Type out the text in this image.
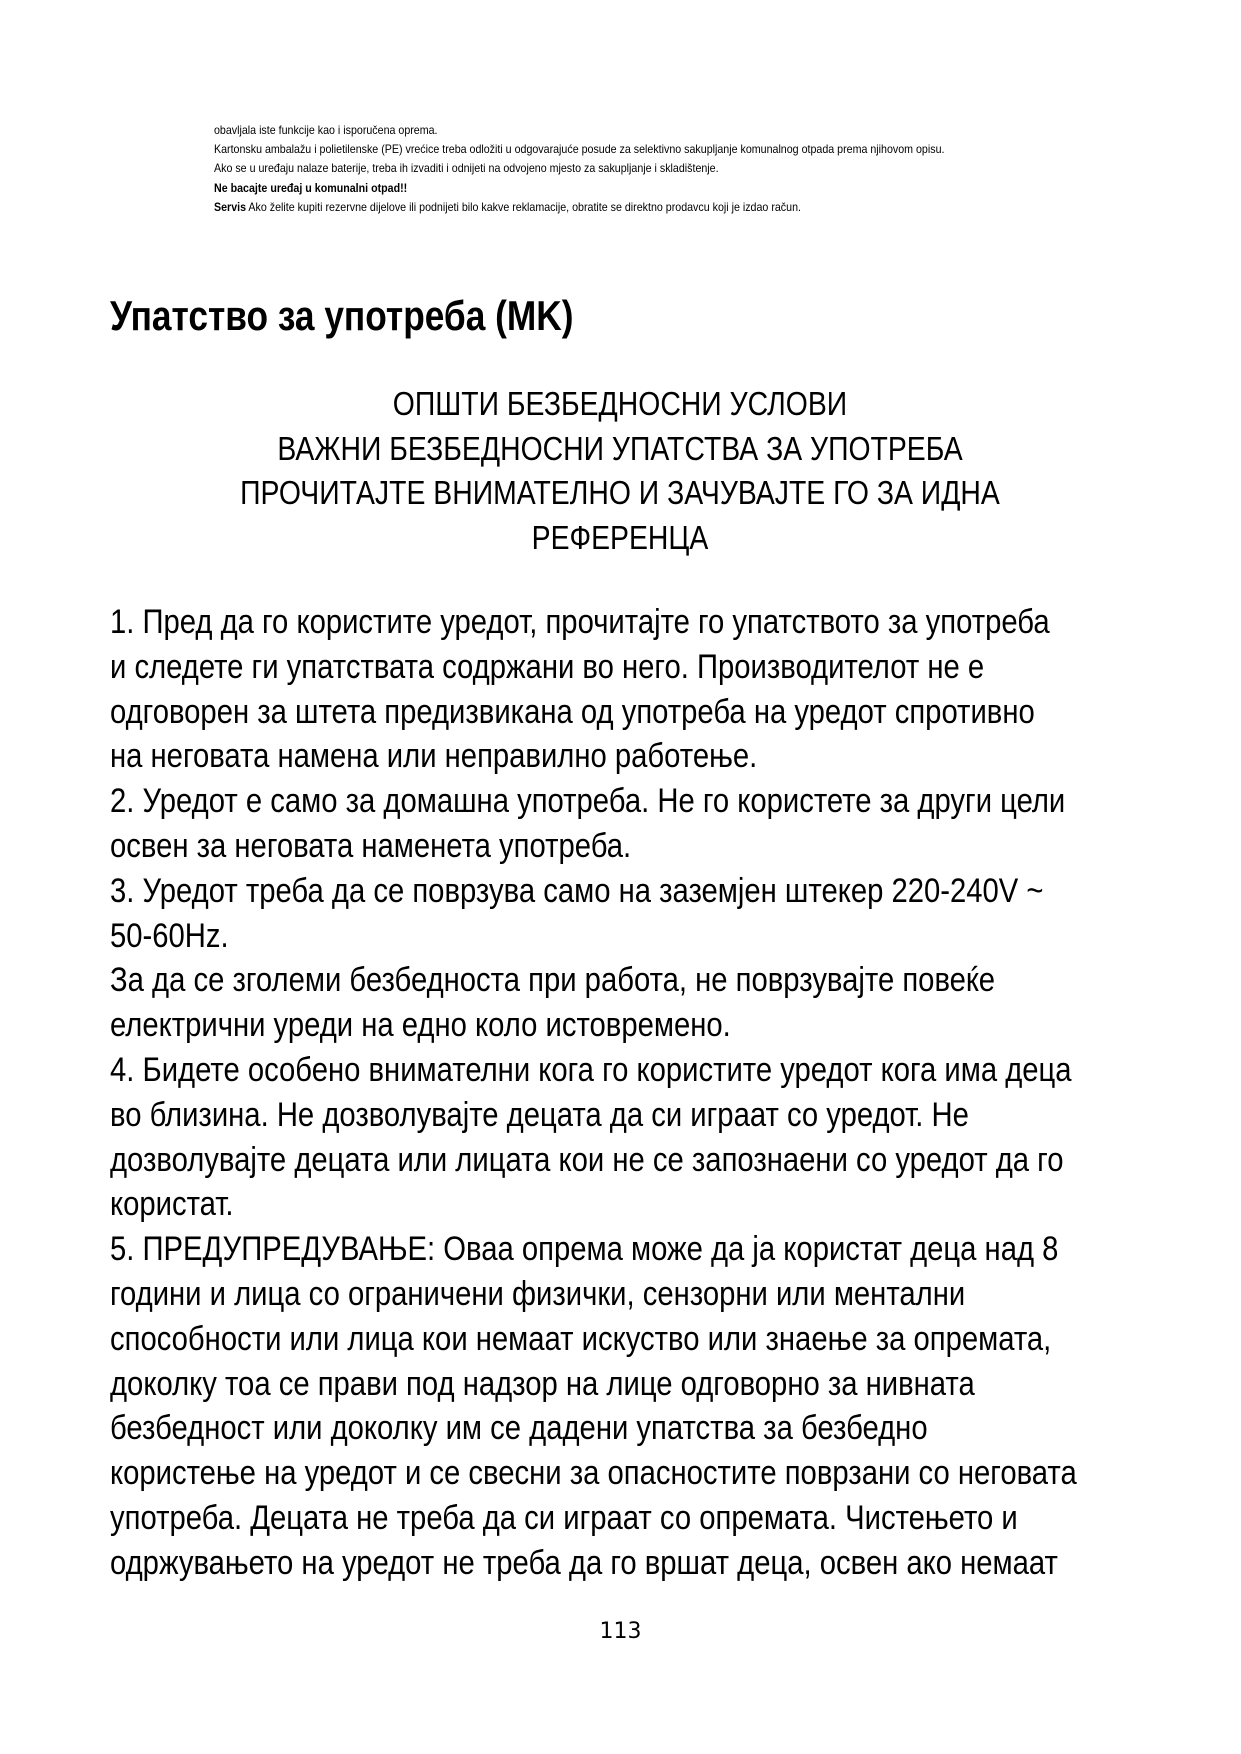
obavljala iste funkcije kao i isporučena oprema.
Kartonsku ambalažu i polietilenske (PE) vrećice treba odložiti u odgovarajuće posude za selektivno sakupljanje komunalnog otpada prema njihovom opisu.
Ako se u uređaju nalaze baterije, treba ih izvaditi i odnijeti na odvojeno mjesto za sakupljanje i skladištenje.
Ne bacajte uređaj u komunalni otpad!!
Servis Ako želite kupiti rezervne dijelove ili podnijeti bilo kakve reklamacije, obratite se direktno prodavcu koji je izdao račun.
Упатство за употреба (MK)
ОПШТИ БЕЗБЕДНОСНИ УСЛОВИ
ВАЖНИ БЕЗБЕДНОСНИ УПАТСТВА ЗА УПОТРЕБА
ПРОЧИТАЈТЕ ВНИМАТЕЛНО И ЗАЧУВАЈТЕ ГО ЗА ИДНА
РЕФЕРЕНЦА
1. Пред да го користите уредот, прочитајте го упатството за употреба
и следете ги упатствата содржани во него. Производителот не е
одговорен за штета предизвикана од употреба на уредот спротивно
на неговата намена или неправилно работење.
2. Уредот е само за домашна употреба. Не го користете за други цели
освен за неговата наменета употреба.
3. Уредот треба да се поврзува само на заземјен штекер 220-240V ~
50-60Hz.
За да се зголеми безбедноста при работа, не поврзувајте повеќе
електрични уреди на едно коло истовремено.
4. Бидете особено внимателни кога го користите уредот кога има деца
во близина. Не дозволувајте децата да си играат со уредот. Не
дозволувајте децата или лицата кои не се запознаени со уредот да го
користат.
5. ПРЕДУПРЕДУВАЊЕ: Оваа опрема може да ја користат деца над 8
години и лица со ограничени физички, сензорни или ментални
способности или лица кои немаат искуство или знаење за опремата,
доколку тоа се прави под надзор на лице одговорно за нивната
безбедност или доколку им се дадени упатства за безбедно
користење на уредот и се свесни за опасностите поврзани со неговата
употреба. Децата не треба да си играат со опремата. Чистењето и
одржувањето на уредот не треба да го вршат деца, освен ако немаат
113
